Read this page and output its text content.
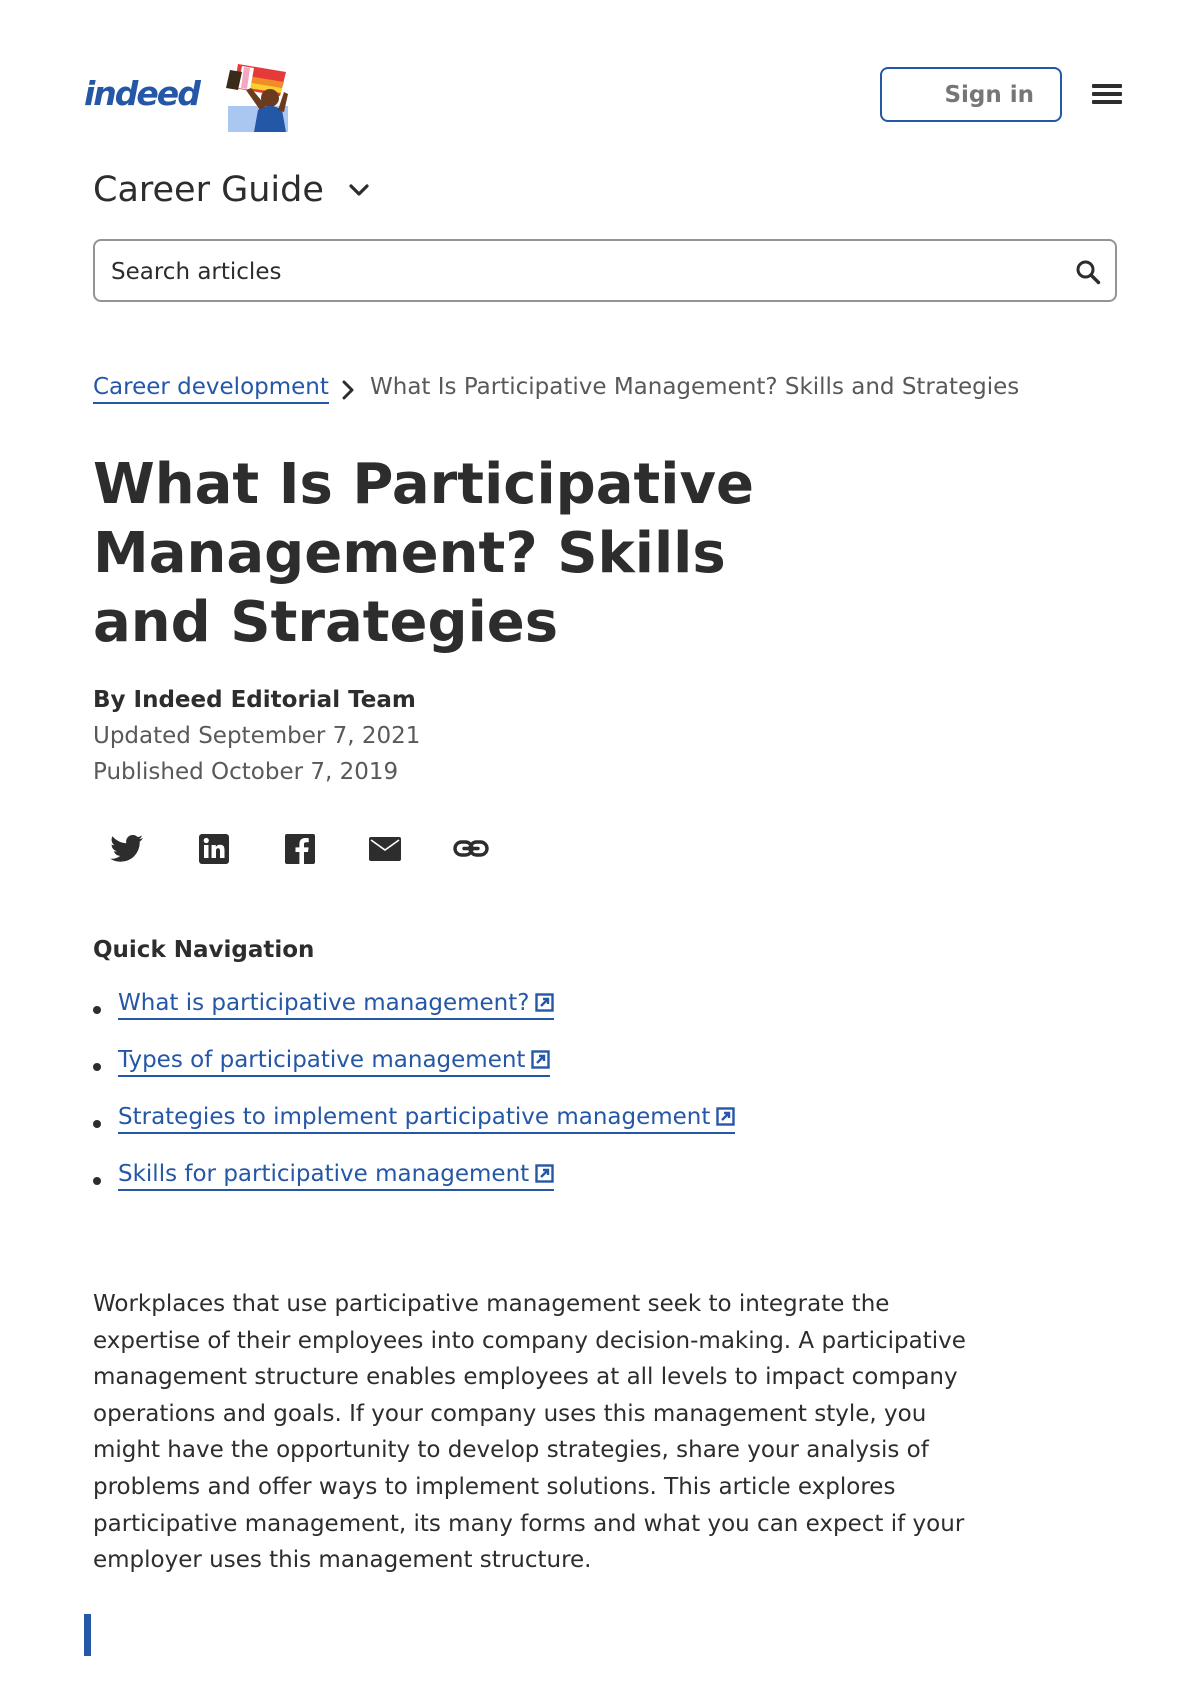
indeed	Sign in
Career Guide
Search articles
Career development What Is Participative Management? Skills and Strategies
What Is Participative Management? Skills and Strategies
By Indeed Editorial Team
Updated September 7, 2021
Published October 7, 2019
Quick Navigation
What is participative management?
Types of participative management
Strategies to implement participative management
Skills for participative management

Workplaces that use participative management seek to integrate the expertise of their employees into company decision-making. A participative management structure enables employees at all levels to impact company operations and goals. If your company uses this management style, you might have the opportunity to develop strategies, share your analysis of problems and offer ways to implement solutions. This article explores participative management, its many forms and what you can expect if your employer uses this management structure.
